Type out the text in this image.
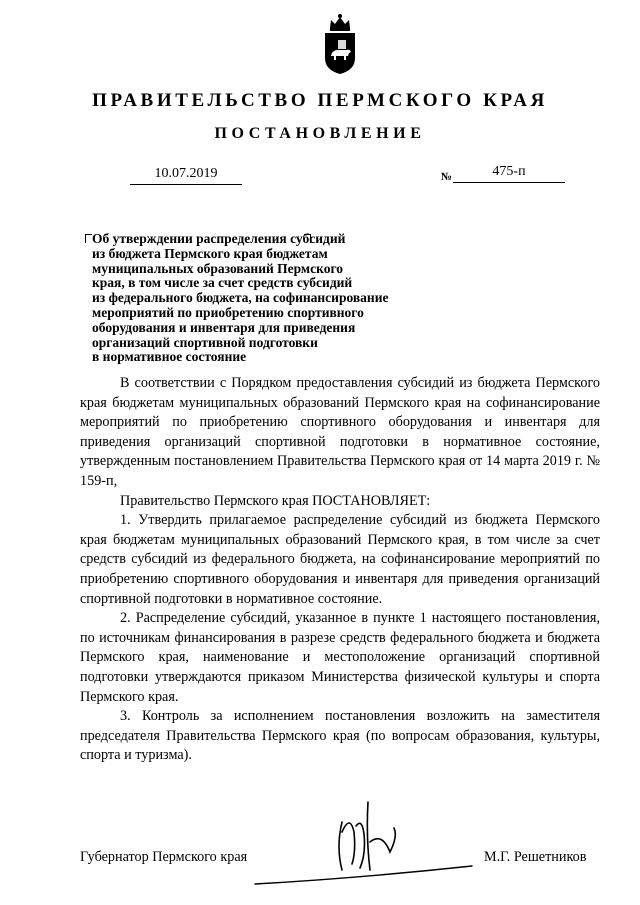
ПРАВИТЕЛЬСТВО ПЕРМСКОГО КРАЯ
ПОСТАНОВЛЕНИЕ
10.07.2019	№	475-п
Об утверждении распределения субсидий
из бюджета Пермского края бюджетам
муниципальных образований Пермского
края, в том числе за счет средств субсидий
из федерального бюджета, на софинансирование
мероприятий по приобретению спортивного
оборудования и инвентаря для приведения
организаций спортивной подготовки
в нормативное состояние

В соответствии с Порядком предоставления субсидий из бюджета Пермского края бюджетам муниципальных образований Пермского края на софинансирование мероприятий по приобретению спортивного оборудования и инвентаря для приведения организаций спортивной подготовки в нормативное состояние, утвержденным постановлением Правительства Пермского края от 14 марта 2019 г. № 159-п,

Правительство Пермского края ПОСТАНОВЛЯЕТ:

1. Утвердить прилагаемое распределение субсидий из бюджета Пермского края бюджетам муниципальных образований Пермского края, в том числе за счет средств субсидий из федерального бюджета, на софинансирование мероприятий по приобретению спортивного оборудования и инвентаря для приведения организаций спортивной подготовки в нормативное состояние.

2. Распределение субсидий, указанное в пункте 1 настоящего постановления, по источникам финансирования в разрезе средств федерального бюджета и бюджета Пермского края, наименование и местоположение организаций спортивной подготовки утверждаются приказом Министерства физической культуры и спорта Пермского края.

3. Контроль за исполнением постановления возложить на заместителя председателя Правительства Пермского края (по вопросам образования, культуры, спорта и туризма).

Губернатор Пермского края	М.Г. Решетников
